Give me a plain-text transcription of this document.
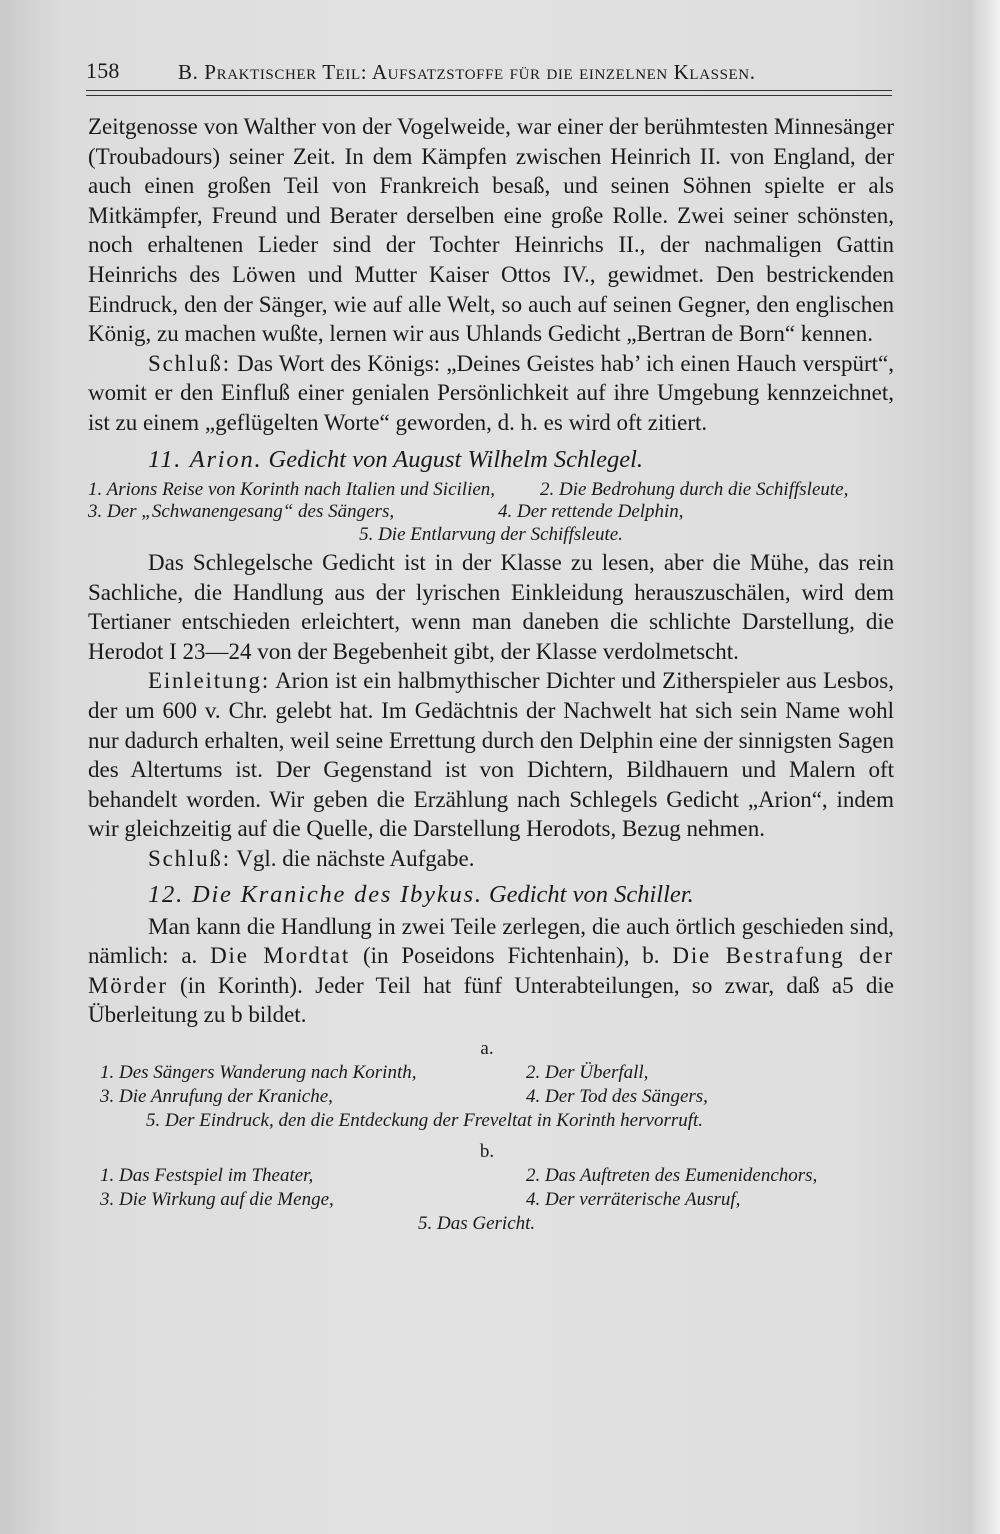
158	B. Praktischer Teil: Aufsatzstoffe für die einzelnen Klassen.

Zeitgenosse von Walther von der Vogelweide, war einer der berühmtesten Minnesänger (Troubadours) seiner Zeit. In dem Kämpfen zwischen Heinrich II. von England, der auch einen großen Teil von Frankreich besaß, und seinen Söhnen spielte er als Mitkämpfer, Freund und Berater derselben eine große Rolle. Zwei seiner schönsten, noch erhaltenen Lieder sind der Tochter Heinrichs II., der nachmaligen Gattin Heinrichs des Löwen und Mutter Kaiser Ottos IV., gewidmet. Den bestrickenden Eindruck, den der Sänger, wie auf alle Welt, so auch auf seinen Gegner, den englischen König, zu machen wußte, lernen wir aus Uhlands Gedicht „Bertran de Born“ kennen.

Schluß: Das Wort des Königs: „Deines Geistes hab’ ich einen Hauch verspürt“, womit er den Einfluß einer genialen Persönlichkeit auf ihre Umgebung kennzeichnet, ist zu einem „geflügelten Worte“ geworden, d. h. es wird oft zitiert.

11. Arion. Gedicht von August Wilhelm Schlegel.

1. Arions Reise von Korinth nach Italien und Sicilien, 2. Die Bedrohung durch die Schiffsleute,
3. Der „Schwanengesang“ des Sängers,	4. Der rettende Delphin,
5. Die Entlarvung der Schiffsleute.

Das Schlegelsche Gedicht ist in der Klasse zu lesen, aber die Mühe, das rein Sachliche, die Handlung aus der lyrischen Einkleidung herauszuschälen, wird dem Tertianer entschieden erleichtert, wenn man daneben die schlichte Darstellung, die Herodot I 23—24 von der Begebenheit gibt, der Klasse verdolmetscht.

Einleitung: Arion ist ein halbmythischer Dichter und Zitherspieler aus Lesbos, der um 600 v. Chr. gelebt hat. Im Gedächtnis der Nachwelt hat sich sein Name wohl nur dadurch erhalten, weil seine Errettung durch den Delphin eine der sinnigsten Sagen des Altertums ist. Der Gegenstand ist von Dichtern, Bildhauern und Malern oft behandelt worden. Wir geben die Erzählung nach Schlegels Gedicht „Arion“, indem wir gleichzeitig auf die Quelle, die Darstellung Herodots, Bezug nehmen.

Schluß: Vgl. die nächste Aufgabe.

12. Die Kraniche des Ibykus. Gedicht von Schiller.

Man kann die Handlung in zwei Teile zerlegen, die auch örtlich geschieden sind, nämlich: a. Die Mordtat (in Poseidons Fichtenhain), b. Die Bestrafung der Mörder (in Korinth). Jeder Teil hat fünf Unterabteilungen, so zwar, daß a5 die Überleitung zu b bildet.

a.
1. Des Sängers Wanderung nach Korinth,	2. Der Überfall,
3. Die Anrufung der Kraniche,	4. Der Tod des Sängers,
5. Der Eindruck, den die Entdeckung der Freveltat in Korinth hervorruft.
b.
1. Das Festspiel im Theater,	2. Das Auftreten des Eumenidenchors,
3. Die Wirkung auf die Menge,	4. Der verräterische Ausruf,
5. Das Gericht.
